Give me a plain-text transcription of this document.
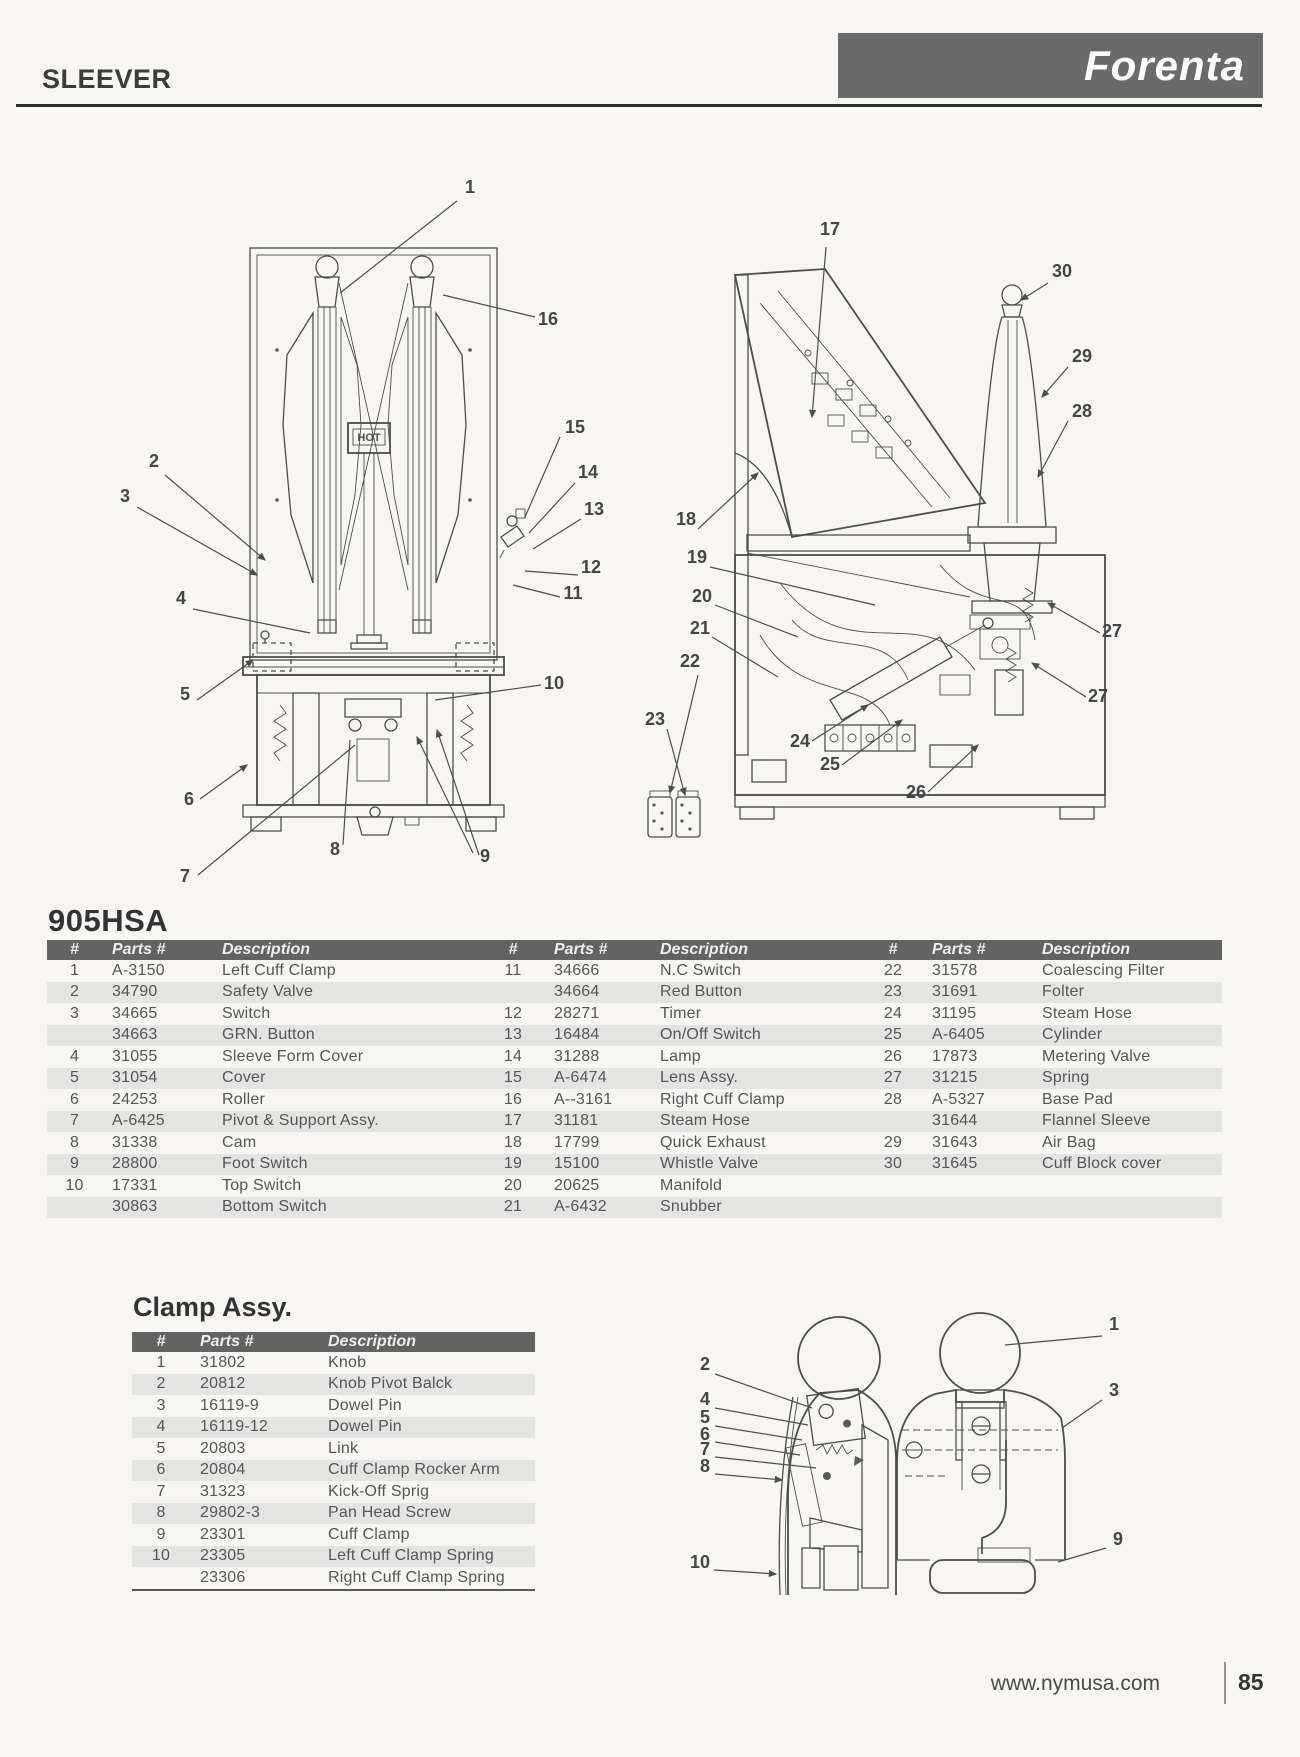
SLEEVER	Forenta
1
16
15
14
13
12
11
10
2
3
4
5
6
7
8	9
HOT
17
30
29
28
18
19
20
21
22
23
24
25
26
27
27
905HSA
#	Parts #	Description	#	Parts #	Description	#	Parts #	Description
1	A-3150	Left Cuff Clamp	11	34666	N.C Switch	22	31578	Coalescing Filter
2	34790	Safety Valve		34664	Red Button	23	31691	Folter
3	34665	Switch	12	28271	Timer	24	31195	Steam Hose
	34663	GRN. Button	13	16484	On/Off Switch	25	A-6405	Cylinder
4	31055	Sleeve Form Cover	14	31288	Lamp	26	17873	Metering Valve
5	31054	Cover	15	A-6474	Lens Assy.	27	31215	Spring
6	24253	Roller	16	A--3161	Right Cuff Clamp	28	A-5327	Base Pad
7	A-6425	Pivot & Support Assy.	17	31181	Steam Hose		31644	Flannel Sleeve
8	31338	Cam	18	17799	Quick Exhaust	29	31643	Air Bag
9	28800	Foot Switch	19	15100	Whistle Valve	30	31645	Cuff Block cover
10	17331	Top Switch	20	20625	Manifold			
	30863	Bottom Switch	21	A-6432	Snubber			
Clamp Assy.
#	Parts #	Description
1	31802	Knob
2	20812	Knob Pivot Balck
3	16119-9	Dowel Pin
4	16119-12	Dowel Pin
5	20803	Link
6	20804	Cuff Clamp Rocker Arm
7	31323	Kick-Off Sprig
8	29802-3	Pan Head Screw
9	23301	Cuff Clamp
10	23305	Left Cuff Clamp Spring
	23306	Right Cuff Clamp Spring
2
4
5
6
7
8
10
1
3
9
www.nymusa.com	85
